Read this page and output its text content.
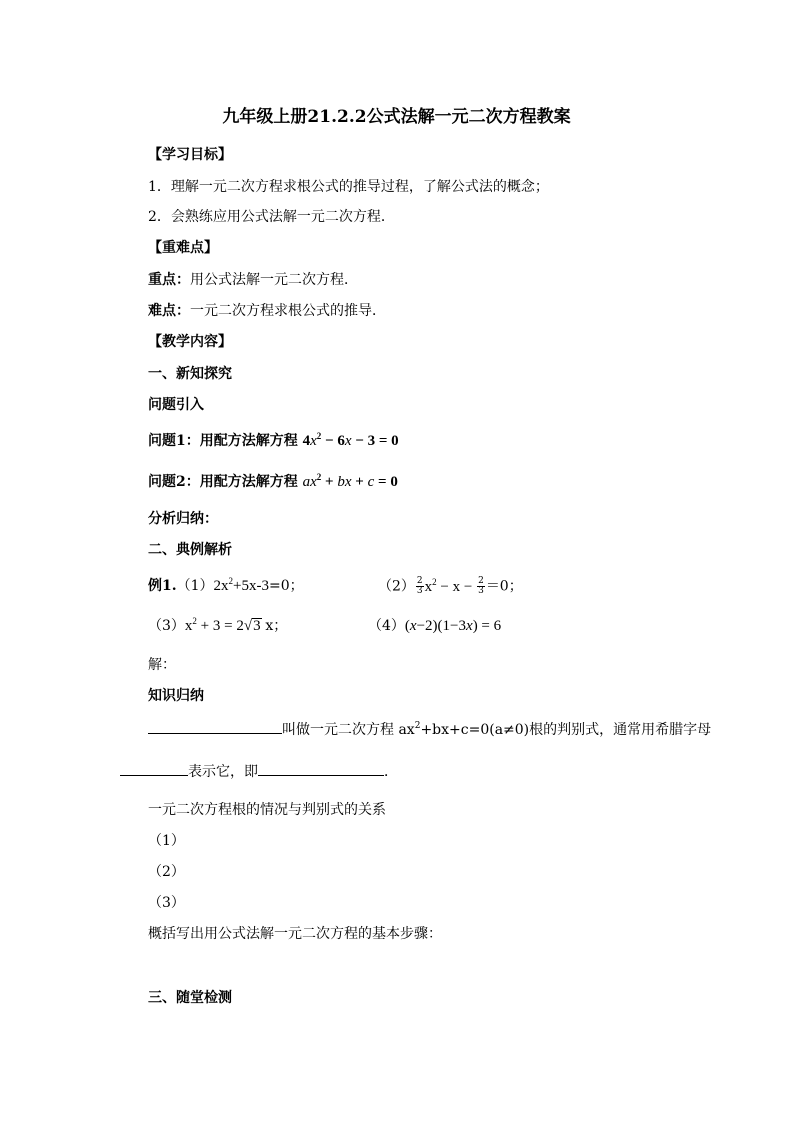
九年级上册21.2.2公式法解一元二次方程教案
【学习目标】
1．理解一元二次方程求根公式的推导过程，了解公式法的概念；
2．会熟练应用公式法解一元二次方程．
【重难点】
重点：用公式法解一元二次方程．
难点：一元二次方程求根公式的推导．
【教学内容】
一、新知探究
问题引入
问题1：用配方法解方程 $4x^2 - 6x - 3 = 0$
问题2：用配方法解方程 $ax^2$ + bx + c = 0
分析归纳：
二、典例解析
例$1.(1)2x^2+5x-3=0$；	$(2) \frac{2}{3} x^2 - x - \frac{2}{3} =0$；
$(3)x^2 + 3 = 2√3$ x；	（4）(x−2)(1−3x) = 6
解：
知识归纳
叫做一元二次方程 $ax^2+bx+c=0(a\ne 0)$根的判别式，通常用希腊字母
表示它，即	．
一元二次方程根的情况与判别式的关系
（1）
（2）
（3）
概括写出用公式法解一元二次方程的基本步骤：
三、随堂检测
